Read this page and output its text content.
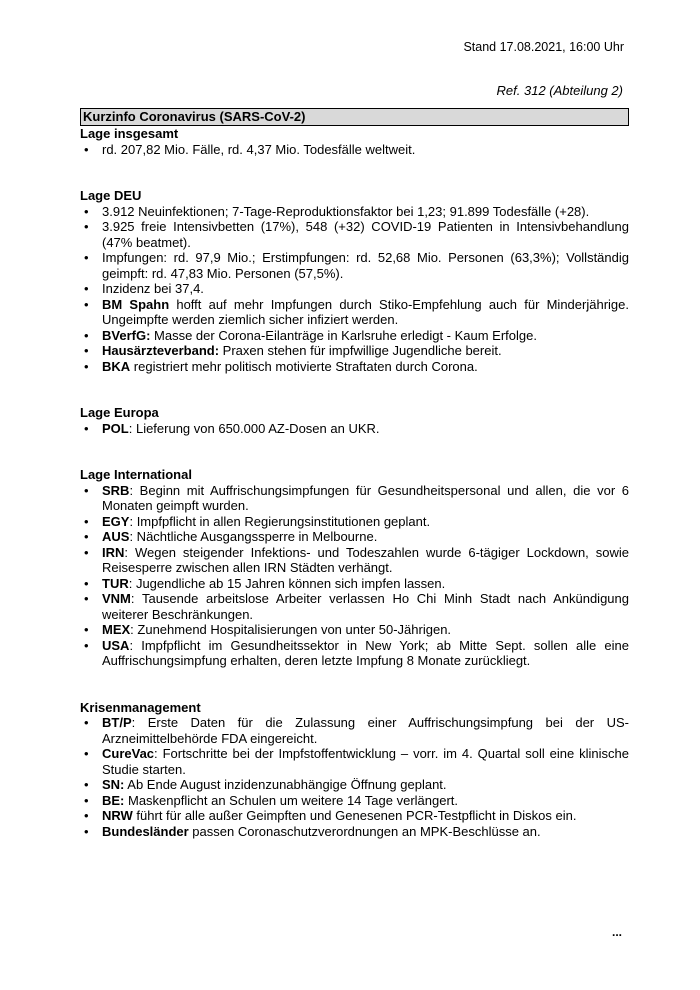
Stand 17.08.2021, 16:00 Uhr
Ref. 312 (Abteilung 2)
Kurzinfo Coronavirus (SARS-CoV-2)
Lage insgesamt
• rd. 207,82 Mio. Fälle, rd. 4,37 Mio. Todesfälle weltweit.
Lage DEU
• 3.912 Neuinfektionen; 7-Tage-Reproduktionsfaktor bei 1,23; 91.899 Todesfälle (+28).
• 3.925 freie Intensivbetten (17%), 548 (+32) COVID-19 Patienten in Intensivbehandlung (47% beatmet).
• Impfungen: rd. 97,9 Mio.; Erstimpfungen: rd. 52,68 Mio. Personen (63,3%); Vollständig geimpft: rd. 47,83 Mio. Personen (57,5%).
• Inzidenz bei 37,4.
• BM Spahn hofft auf mehr Impfungen durch Stiko-Empfehlung auch für Minderjährige. Ungeimpfte werden ziemlich sicher infiziert werden.
• BVerfG: Masse der Corona-Eilanträge in Karlsruhe erledigt - Kaum Erfolge.
• Hausärzteverband: Praxen stehen für impfwillige Jugendliche bereit.
• BKA registriert mehr politisch motivierte Straftaten durch Corona.
Lage Europa
• POL: Lieferung von 650.000 AZ-Dosen an UKR.
Lage International
• SRB: Beginn mit Auffrischungsimpfungen für Gesundheitspersonal und allen, die vor 6 Monaten geimpft wurden.
• EGY: Impfpflicht in allen Regierungsinstitutionen geplant.
• AUS: Nächtliche Ausgangssperre in Melbourne.
• IRN: Wegen steigender Infektions- und Todeszahlen wurde 6-tägiger Lockdown, sowie Reisesperre zwischen allen IRN Städten verhängt.
• TUR: Jugendliche ab 15 Jahren können sich impfen lassen.
• VNM: Tausende arbeitslose Arbeiter verlassen Ho Chi Minh Stadt nach Ankündigung weiterer Beschränkungen.
• MEX: Zunehmend Hospitalisierungen von unter 50-Jährigen.
• USA: Impfpflicht im Gesundheitssektor in New York; ab Mitte Sept. sollen alle eine Auffrischungsimpfung erhalten, deren letzte Impfung 8 Monate zurückliegt.
Krisenmanagement
• BT/P: Erste Daten für die Zulassung einer Auffrischungsimpfung bei der US-Arzneimittelbehörde FDA eingereicht.
• CureVac: Fortschritte bei der Impfstoffentwicklung – vorr. im 4. Quartal soll eine klinische Studie starten.
• SN: Ab Ende August inzidenzunabhängige Öffnung geplant.
• BE: Maskenpflicht an Schulen um weitere 14 Tage verlängert.
• NRW führt für alle außer Geimpften und Genesenen PCR-Testpflicht in Diskos ein.
• Bundesländer passen Coronaschutzverordnungen an MPK-Beschlüsse an.
...
